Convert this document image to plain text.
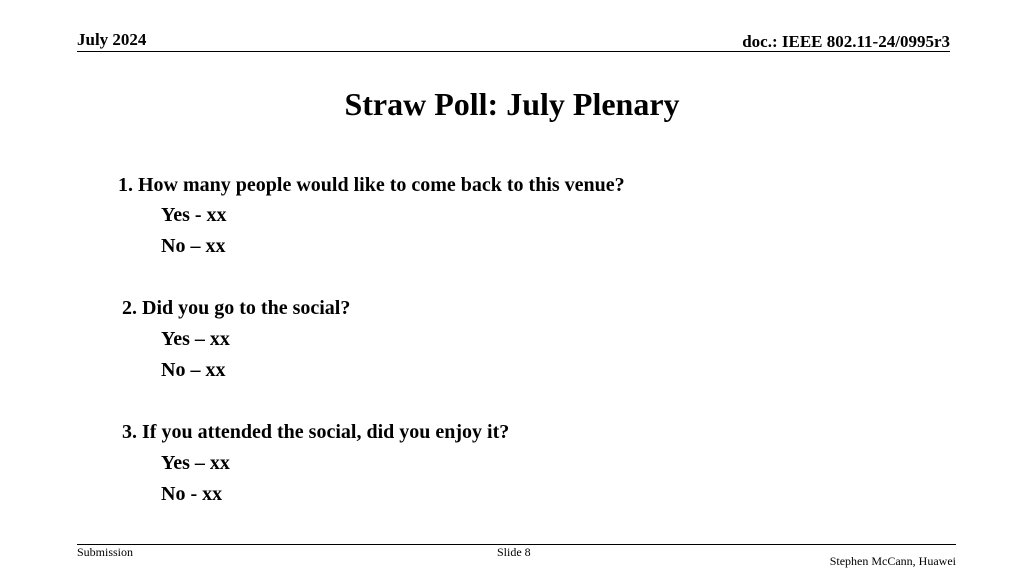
July 2024	doc.: IEEE 802.11-24/0995r3
Straw Poll: July Plenary
1. How many people would like to come back to this venue?
Yes - xx
No – xx
2. Did you go to the social?
Yes – xx
No – xx
3. If you attended the social, did you enjoy it?
Yes – xx
No - xx
Submission	Slide 8
Stephen McCann, Huawei
